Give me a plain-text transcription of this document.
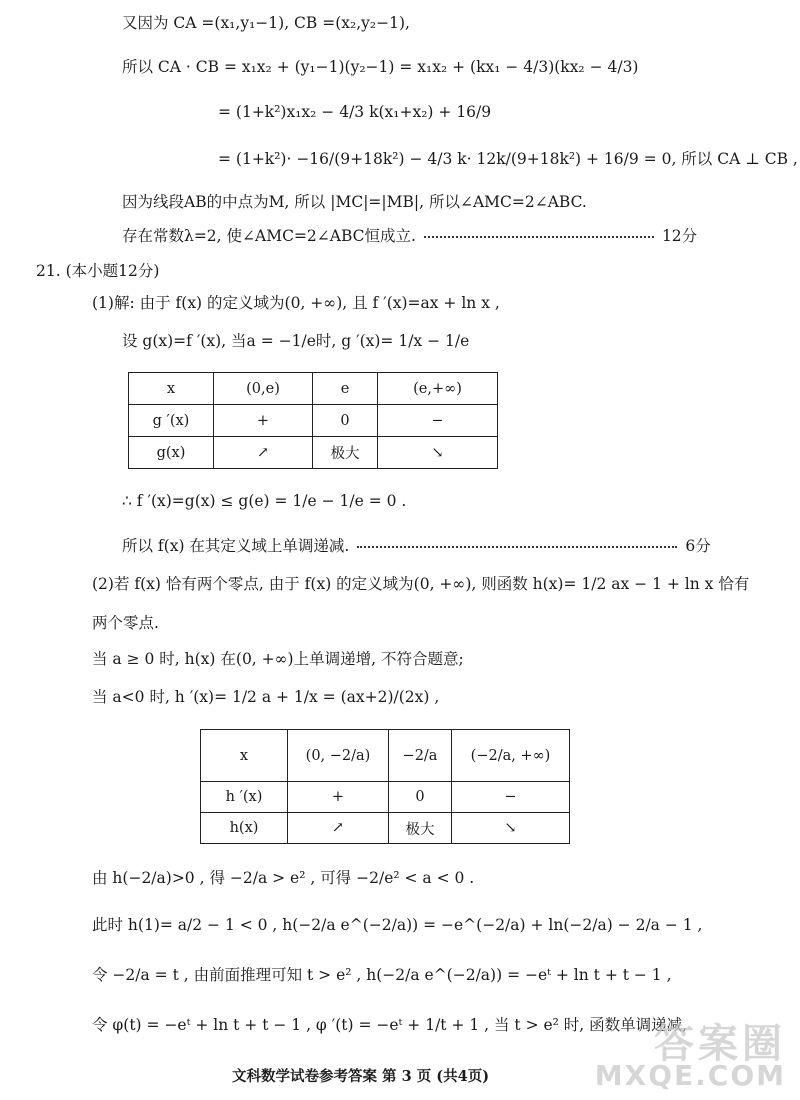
又因为 CA =(x₁,y₁−1), CB =(x₂,y₂−1),
所以 CA · CB = x₁x₂ + (y₁−1)(y₂−1) = x₁x₂ + (kx₁ − 4/3)(kx₂ − 4/3)
= (1+k²)x₁x₂ − 4/3 k(x₁+x₂) + 16/9
= (1+k²)· −16/(9+18k²) − 4/3 k· 12k/(9+18k²) + 16/9 = 0, 所以 CA ⊥ CB ,
因为线段AB的中点为M, 所以 |MC|=|MB|, 所以∠AMC=2∠ABC.
存在常数λ=2, 使∠AMC=2∠ABC恒成立.	12分
21. (本小题12分)
(1)解: 由于 f(x) 的定义域为(0, +∞), 且 f ′(x)=ax + ln x ,
设 g(x)=f ′(x), 当a = −1/e时, g ′(x)= 1/x − 1/e
x	(0,e)	e	(e,+∞)
g ′(x)	+	0	−
g(x)	↗	极大	↘
∴ f ′(x)=g(x) ≤ g(e) = 1/e − 1/e = 0 .
所以 f(x) 在其定义域上单调递减.	6分
(2)若 f(x) 恰有两个零点, 由于 f(x) 的定义域为(0, +∞), 则函数 h(x)= 1/2 ax − 1 + ln x 恰有
两个零点.
当 a ≥ 0 时, h(x) 在(0, +∞)上单调递增, 不符合题意;
当 a<0 时, h ′(x)= 1/2 a + 1/x = (ax+2)/(2x) ,
x	(0, −2/a)	−2/a	(−2/a, +∞)
h ′(x)	+	0	−
h(x)	↗	极大	↘
由 h(−2/a)>0 , 得 −2/a > e² , 可得 −2/e² < a < 0 .
此时 h(1)= a/2 − 1 < 0 , h(−2/a e^(−2/a)) = −e^(−2/a) + ln(−2/a) − 2/a − 1 ,
令 −2/a = t , 由前面推理可知 t > e² , h(−2/a e^(−2/a)) = −eᵗ + ln t + t − 1 ,
令 φ(t) = −eᵗ + ln t + t − 1 , φ ′(t) = −eᵗ + 1/t + 1 , 当 t > e² 时, 函数单调递减,
文科数学试卷参考答案 第 3 页 (共4页)
答案圈
MXQE.COM
